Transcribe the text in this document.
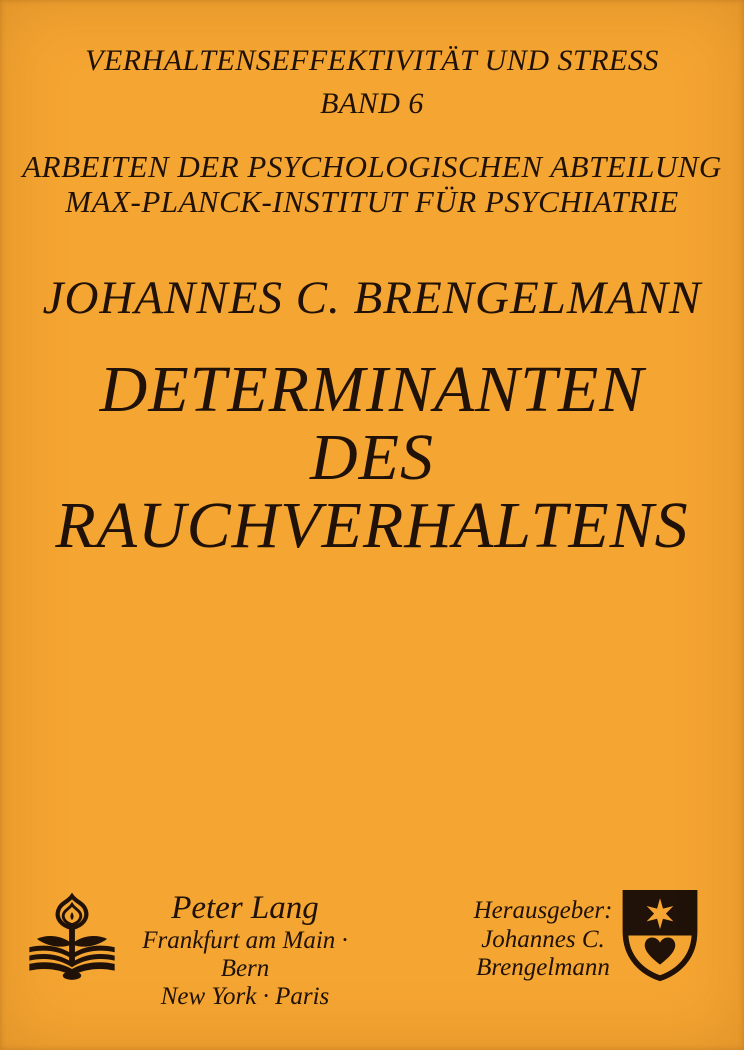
VERHALTENSEFFEKTIVITÄT UND STRESS
BAND 6
ARBEITEN DER PSYCHOLOGISCHEN ABTEILUNG
MAX-PLANCK-INSTITUT FÜR PSYCHIATRIE
JOHANNES C. BRENGELMANN
DETERMINANTEN
DES
RAUCHVERHALTENS
Peter Lang
Frankfurt am Main · Bern
New York · Paris
Herausgeber:
Johannes C.
Brengelmann
